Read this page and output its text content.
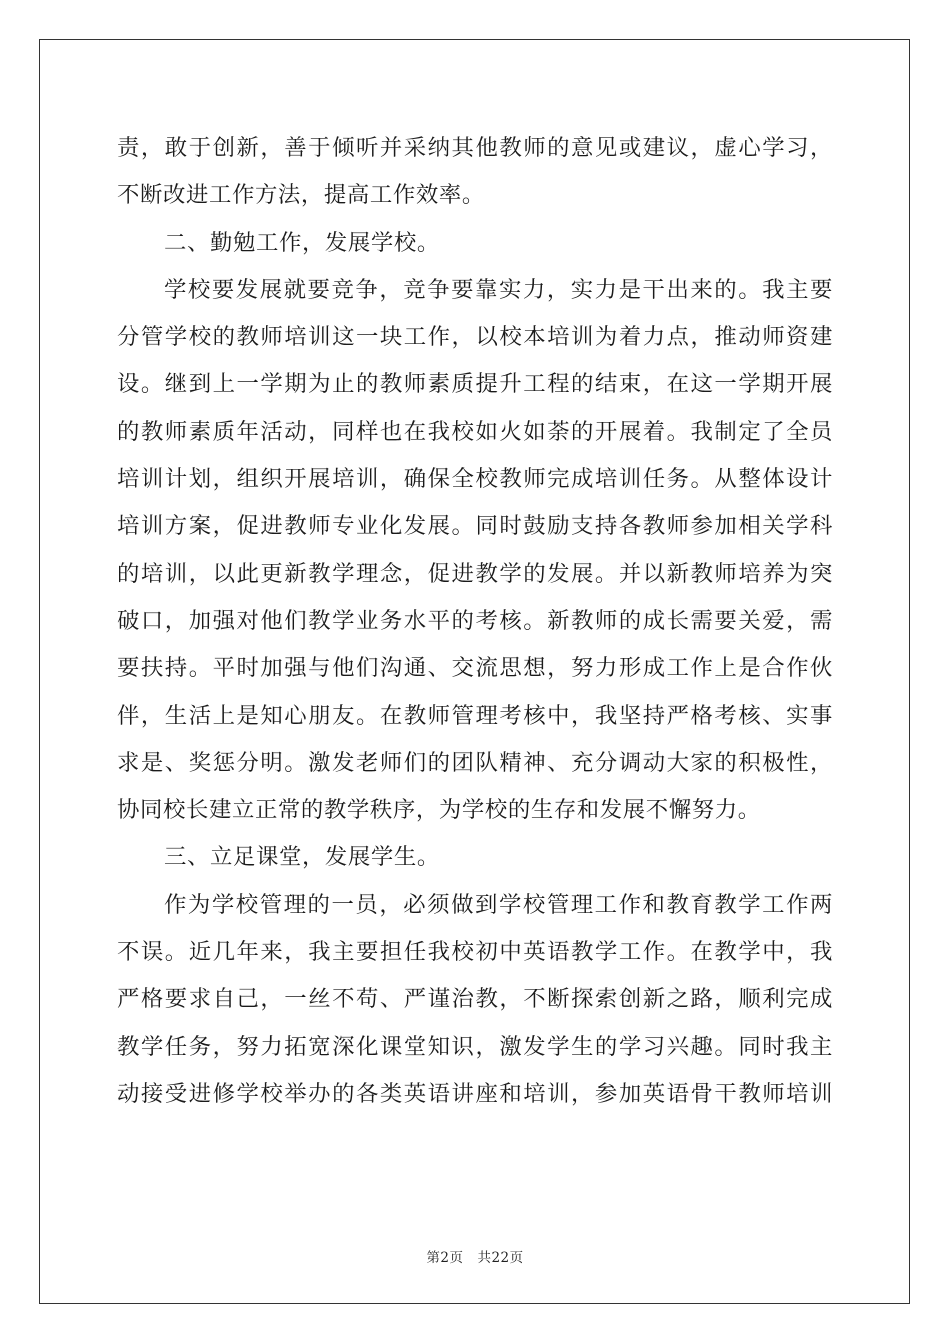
责，敢于创新，善于倾听并采纳其他教师的意见或建议，虚心学习，
不断改进工作方法，提高工作效率。
二、勤勉工作，发展学校。
学校要发展就要竞争，竞争要靠实力，实力是干出来的。我主要
分管学校的教师培训这一块工作，以校本培训为着力点，推动师资建
设。继到上一学期为止的教师素质提升工程的结束，在这一学期开展
的教师素质年活动，同样也在我校如火如荼的开展着。我制定了全员
培训计划，组织开展培训，确保全校教师完成培训任务。从整体设计
培训方案，促进教师专业化发展。同时鼓励支持各教师参加相关学科
的培训，以此更新教学理念，促进教学的发展。并以新教师培养为突
破口，加强对他们教学业务水平的考核。新教师的成长需要关爱，需
要扶持。平时加强与他们沟通、交流思想，努力形成工作上是合作伙
伴，生活上是知心朋友。在教师管理考核中，我坚持严格考核、实事
求是、奖惩分明。激发老师们的团队精神、充分调动大家的积极性，
协同校长建立正常的教学秩序，为学校的生存和发展不懈努力。
三、立足课堂，发展学生。
作为学校管理的一员，必须做到学校管理工作和教育教学工作两
不误。近几年来，我主要担任我校初中英语教学工作。在教学中，我
严格要求自己，一丝不苟、严谨治教，不断探索创新之路，顺利完成
教学任务，努力拓宽深化课堂知识，激发学生的学习兴趣。同时我主
动接受进修学校举办的各类英语讲座和培训，参加英语骨干教师培训
第2页　共22页
